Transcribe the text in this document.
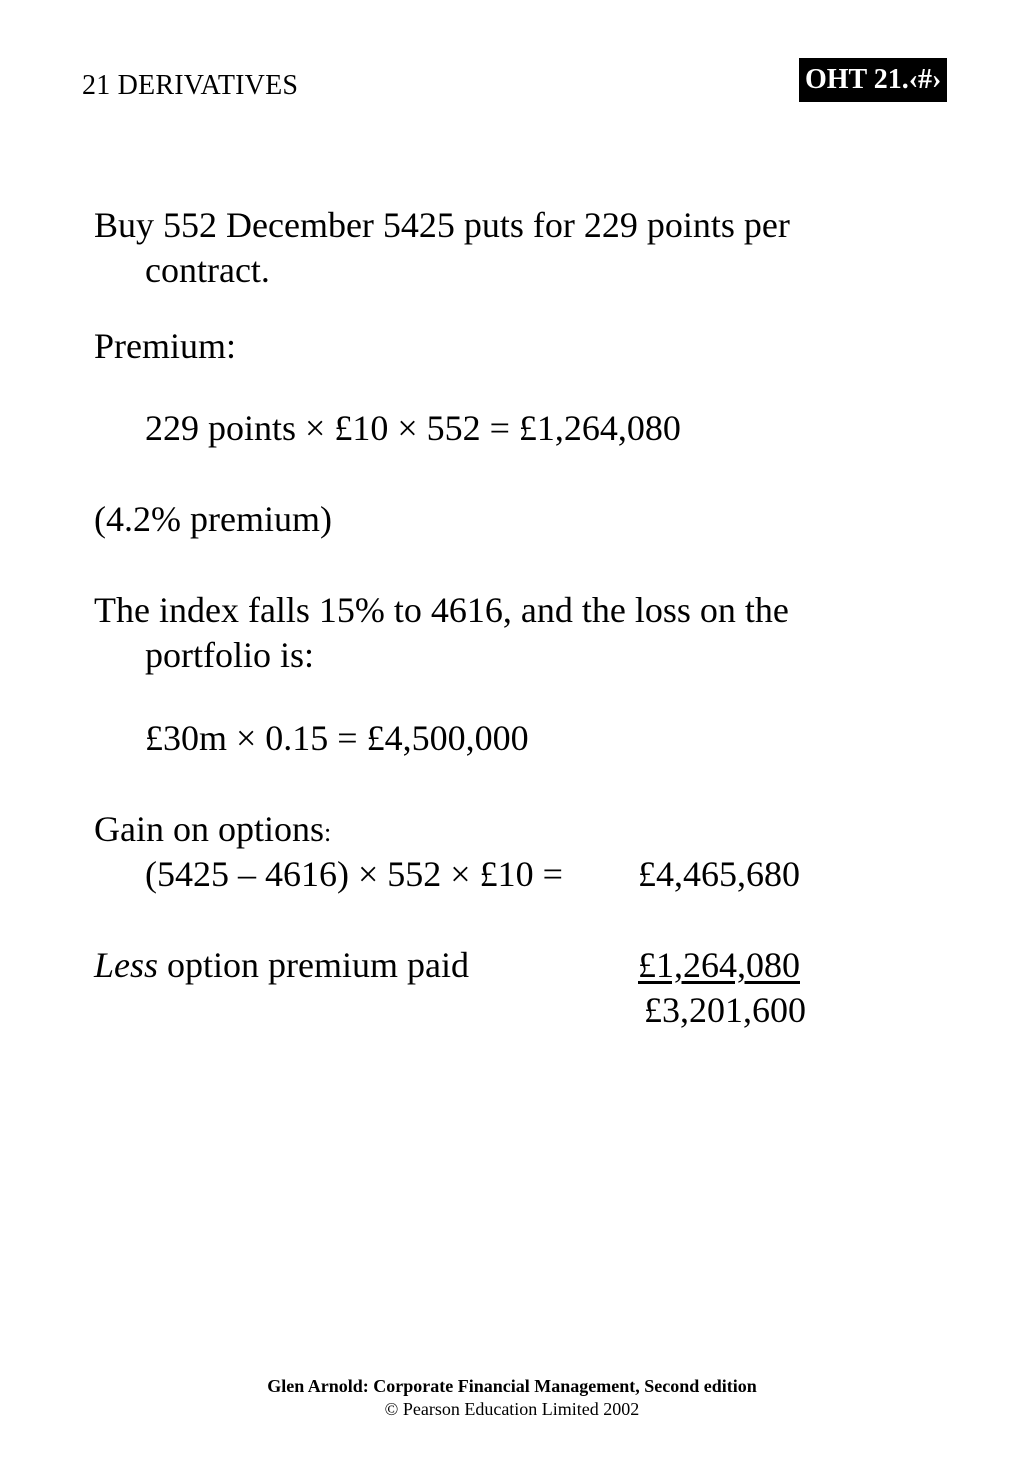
21 DERIVATIVES	OHT 21.‹#›
Buy 552 December 5425 puts for 229 points per
contract.
Premium:
229 points × £10 × 552 = £1,264,080
(4.2% premium)
The index falls 15% to 4616, and the loss on the
portfolio is:
£30m × 0.15 = £4,500,000
Gain on options:
(5425 – 4616) × 552 × £10 = £4,465,680
Less option premium paid	£1,264,080
£3,201,600
Glen Arnold: Corporate Financial Management, Second edition
© Pearson Education Limited 2002
